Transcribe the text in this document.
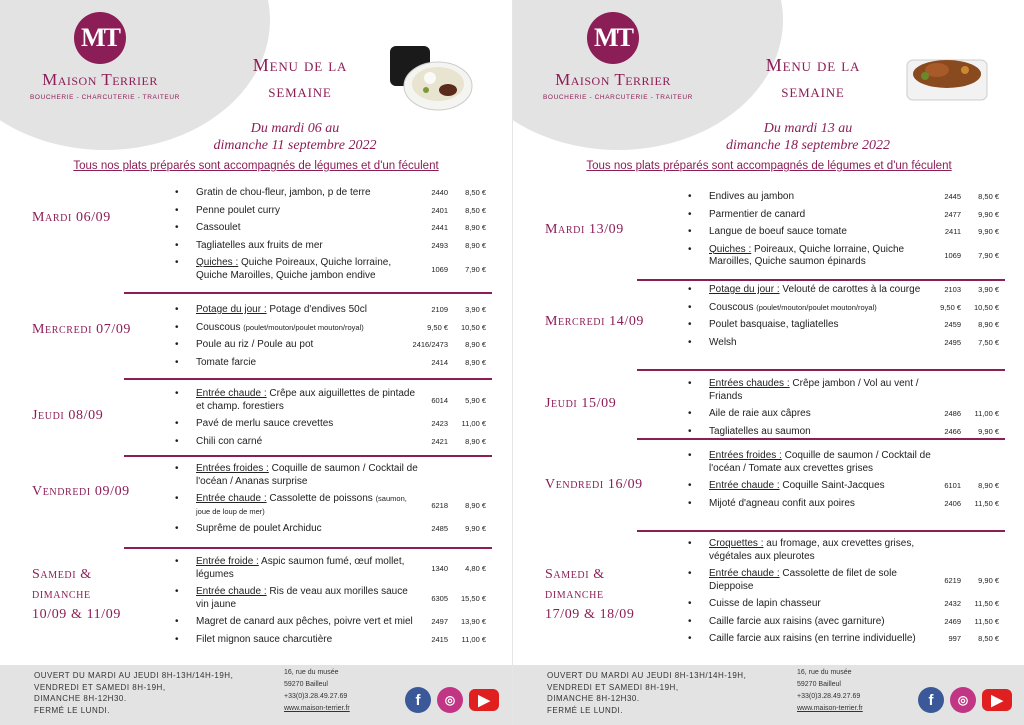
MT
Maison Terrier
BOUCHERIE - CHARCUTERIE - TRAITEUR
Menu de la semaine
Du mardi 06 au
dimanche 11 septembre 2022
Tous nos plats préparés sont accompagnés de légumes et d'un féculent
Mardi 06/09
• Gratin de chou-fleur, jambon, p de terre	2440 8,50 €
• Penne poulet curry	2401 8,50 €
• Cassoulet	2441 8,90 €
• Tagliatelles aux fruits de mer	2493 8,90 €
• Quiches : Quiche Poireaux, Quiche lorraine, Quiche Maroilles, Quiche jambon endive
1069 7,90 €
Mercredi 07/09
• Potage du jour : Potage d'endives 50cl	2109 3,90 €
• Couscous (poulet/mouton/poulet mouton/royal)	9,50 € 10,50 €
• Poule au riz / Poule au pot	2416/2473 8,90 €
• Tomate farcie	2414 8,90 €
Jeudi 08/09
• Entrée chaude : Crêpe aux aiguillettes de pintade et champ. forestiers
6014 5,90 €
• Pavé de merlu sauce crevettes	2423 11,00 €
• Chili con carné	2421 8,90 €
Vendredi 09/09
• Entrées froides : Coquille de saumon / Cocktail de l'océan / Ananas surprise
• Entrée chaude : Cassolette de poissons (saumon, joue de loup de mer)
6218 8,90 €
• Suprême de poulet Archiduc	2485 9,90 €
Samedi &
dimanche
10/09 & 11/09
• Entrée froide : Aspic saumon fumé, œuf mollet, légumes
1340 4,80 €
• Entrée chaude : Ris de veau aux morilles sauce vin jaune
6305 15,50 €
• Magret de canard aux pêches, poivre vert et miel	2497 13,90 €
• Filet mignon sauce charcutière	2415 11,00 €
OUVERT DU MARDI AU JEUDI 8H-13H/14H-19H,
VENDREDI ET SAMEDI 8H-19H,
DIMANCHE 8H-12H30.
FERMÉ LE LUNDI.
16, rue du musée
59270 Bailleul
+33(0)3.28.49.27.69
www.maison-terrier.fr	f	◎	▶
MT
Maison Terrier
BOUCHERIE - CHARCUTERIE - TRAITEUR
Menu de la semaine
Du mardi 13 au
dimanche 18 septembre 2022
Tous nos plats préparés sont accompagnés de légumes et d'un féculent
Mardi 13/09
• Endives au jambon	2445 8,50 €
• Parmentier de canard	2477 9,90 €
• Langue de boeuf sauce tomate	2411 9,90 €
• Quiches : Poireaux, Quiche lorraine, Quiche Maroilles, Quiche saumon épinards
1069 7,90 €
Mercredi 14/09
• Potage du jour : Velouté de carottes à la courge	2103 3,90 €
• Couscous (poulet/mouton/poulet mouton/royal)	9,50 € 10,50 €
• Poulet basquaise, tagliatelles	2459 8,90 €
• Welsh	2495 7,50 €
Jeudi 15/09
• Entrées chaudes : Crêpe jambon / Vol au vent / Friands
• Aile de raie aux câpres	2486 11,00 €
• Tagliatelles au saumon	2466 9,90 €
Vendredi 16/09
• Entrées froides : Coquille de saumon / Cocktail de l'océan / Tomate aux crevettes grises
• Entrée chaude : Coquille Saint-Jacques	6101 8,90 €
• Mijoté d'agneau confit aux poires	2406 11,50 €
Samedi &
dimanche
17/09 & 18/09
• Croquettes : au fromage, aux crevettes grises, végétales aux pleurotes
• Entrée chaude : Cassolette de filet de sole Dieppoise
6219 9,90 €
• Cuisse de lapin chasseur	2432 11,50 €
• Caille farcie aux raisins (avec garniture)	2469 11,50 €
• Caille farcie aux raisins (en terrine individuelle)	997 8,50 €
OUVERT DU MARDI AU JEUDI 8H-13H/14H-19H,
VENDREDI ET SAMEDI 8H-19H,
DIMANCHE 8H-12H30.
FERMÉ LE LUNDI.
16, rue du musée
59270 Bailleul
+33(0)3.28.49.27.69
www.maison-terrier.fr	f	◎	▶
